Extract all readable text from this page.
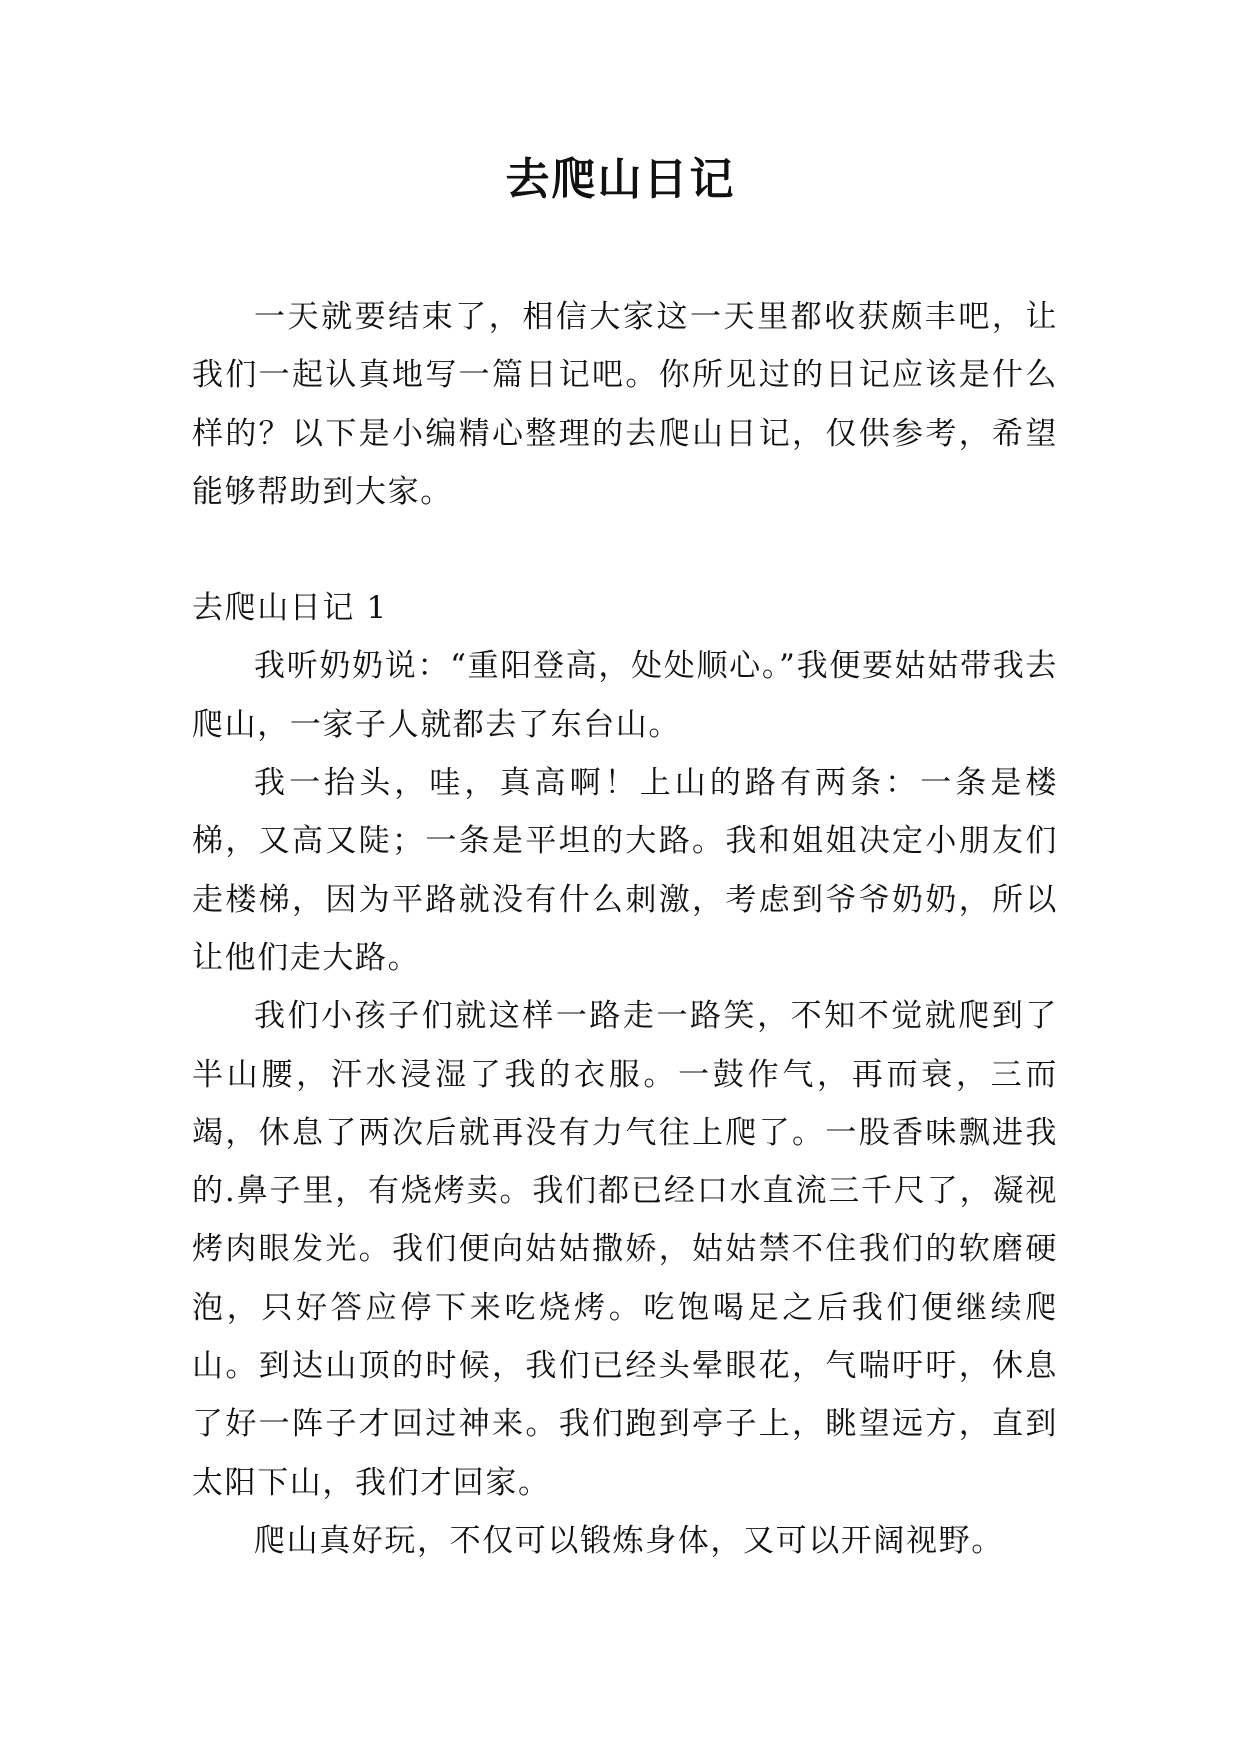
去爬山日记

一天就要结束了，相信大家这一天里都收获颇丰吧，让我们一起认真地写一篇日记吧。你所见过的日记应该是什么样的？以下是小编精心整理的去爬山日记，仅供参考，希望能够帮助到大家。

去爬山日记 1

我听奶奶说：“重阳登高，处处顺心。”我便要姑姑带我去爬山，一家子人就都去了东台山。

我一抬头，哇，真高啊！上山的路有两条：一条是楼梯，又高又陡；一条是平坦的大路。我和姐姐决定小朋友们走楼梯，因为平路就没有什么刺激，考虑到爷爷奶奶，所以让他们走大路。

我们小孩子们就这样一路走一路笑，不知不觉就爬到了半山腰，汗水浸湿了我的衣服。一鼓作气，再而衰，三而竭，休息了两次后就再没有力气往上爬了。一股香味飘进我的.鼻子里，有烧烤卖。我们都已经口水直流三千尺了，凝视烤肉眼发光。我们便向姑姑撒娇，姑姑禁不住我们的软磨硬泡，只好答应停下来吃烧烤。吃饱喝足之后我们便继续爬山。到达山顶的时候，我们已经头晕眼花，气喘吁吁，休息了好一阵子才回过神来。我们跑到亭子上，眺望远方，直到太阳下山，我们才回家。

爬山真好玩，不仅可以锻炼身体，又可以开阔视野。
